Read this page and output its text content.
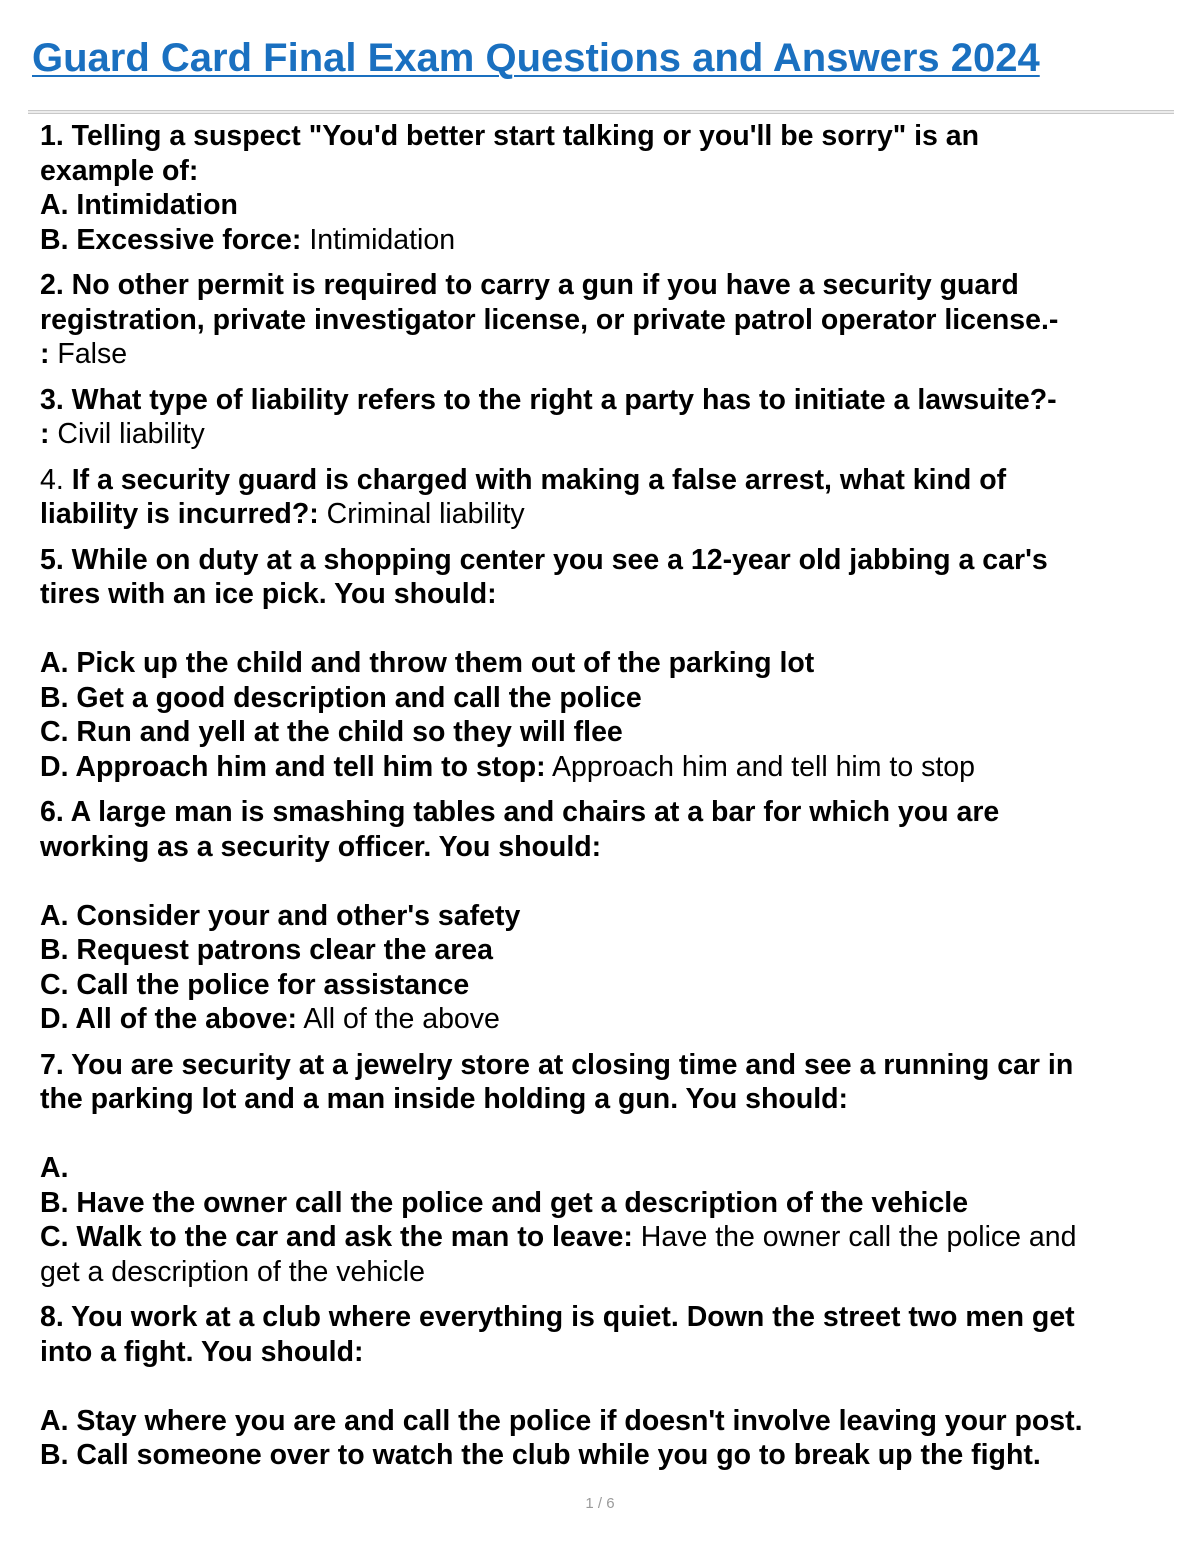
Guard Card Final Exam Questions and Answers 2024
1. Telling a suspect "You'd better start talking or you'll be sorry" is an
example of:
A. Intimidation
B. Excessive force: Intimidation
2. No other permit is required to carry a gun if you have a security guard
registration, private investigator license, or private patrol operator license.-
: False
3. What type of liability refers to the right a party has to initiate a lawsuite?-
: Civil liability
4. If a security guard is charged with making a false arrest, what kind of
liability is incurred?: Criminal liability
5. While on duty at a shopping center you see a 12-year old jabbing a car's
tires with an ice pick. You should:
A. Pick up the child and throw them out of the parking lot
B. Get a good description and call the police
C. Run and yell at the child so they will flee
D. Approach him and tell him to stop: Approach him and tell him to stop
6. A large man is smashing tables and chairs at a bar for which you are
working as a security officer. You should:
A. Consider your and other's safety
B. Request patrons clear the area
C. Call the police for assistance
D. All of the above: All of the above
7. You are security at a jewelry store at closing time and see a running car in
the parking lot and a man inside holding a gun. You should:
A.
B. Have the owner call the police and get a description of the vehicle
C. Walk to the car and ask the man to leave: Have the owner call the police and
get a description of the vehicle
8. You work at a club where everything is quiet. Down the street two men get
into a fight. You should:
A. Stay where you are and call the police if doesn't involve leaving your post.
B. Call someone over to watch the club while you go to break up the fight.
1 / 6
